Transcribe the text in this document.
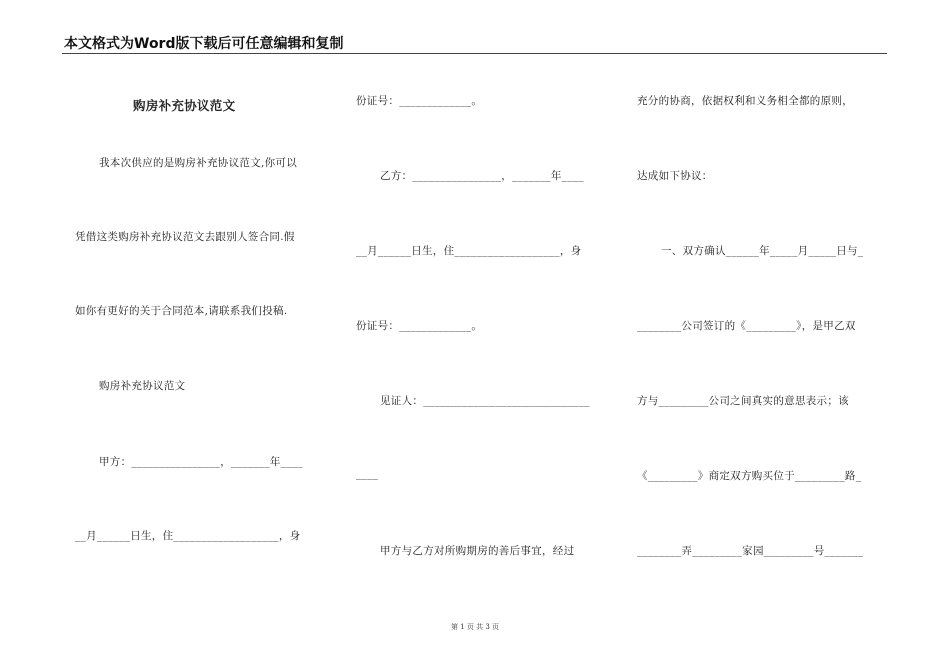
本文格式为Word版下载后可任意编辑和复制
购房补充协议范文
我本次供应的是购房补充协议范文,你可以
凭借这类购房补充协议范文去跟别人签合同.假
如你有更好的关于合同范本,请联系我们投稿.
购房补充协议范文
甲方：________________，_______年____
__月______日生，住___________________，身
份证号：_____________。
乙方：________________，_______年____
__月______日生，住___________________，身
份证号：_____________。
见证人：______________________________
____
甲方与乙方对所购期房的善后事宜，经过
充分的协商，依据权利和义务相全都的原则，
达成如下协议：
一、双方确认______年_____月_____日与_
________公司签订的《_________》，是甲乙双
方与_________公司之间真实的意思表示；该
《_________》商定双方购买位于_________路_
________弄_________家园_________号_______
第 1 页 共 3 页
